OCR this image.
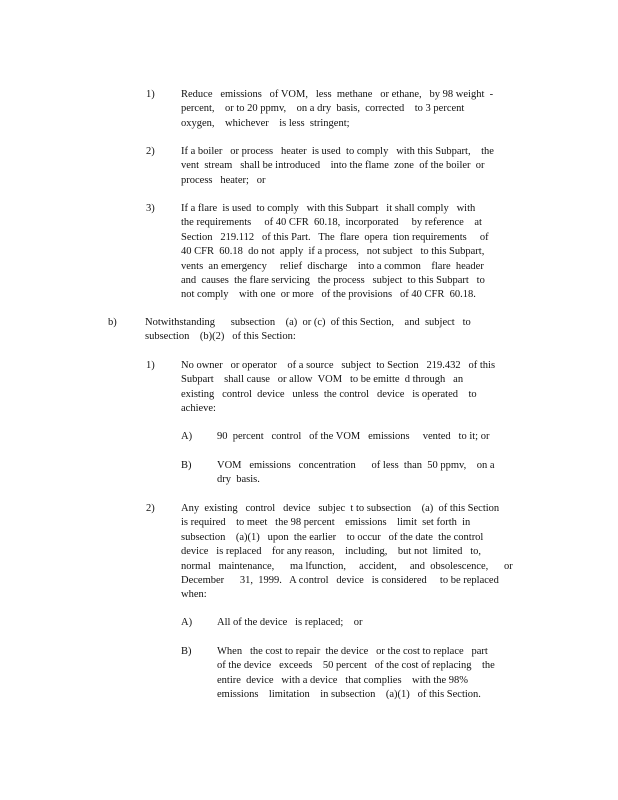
1)	Reduce   emissions   of VOM,   less  methane   or ethane,   by 98 weight  -
percent,    or to 20 ppmv,    on a dry  basis,  corrected    to 3 percent
oxygen,    whichever    is less  stringent;
2)	If a boiler   or process   heater  is used  to comply   with this Subpart,    the
vent  stream   shall be introduced    into the flame  zone  of the boiler  or
process   heater;   or
3)	If a flare  is used  to comply   with this Subpart   it shall comply   with
the requirements     of 40 CFR  60.18,  incorporated     by reference    at
Section   219.112   of this Part.   The  flare  opera  tion requirements     of
40 CFR  60.18  do not  apply  if a process,   not subject   to this Subpart,
vents  an emergency     relief  discharge    into a common    flare  header
and  causes  the flare servicing   the process   subject  to this Subpart   to
not comply    with one  or more   of the provisions   of 40 CFR  60.18.
b)	Notwithstanding      subsection    (a)  or (c)  of this Section,    and  subject   to
subsection    (b)(2)   of this Section:
1)	No owner   or operator    of a source   subject  to Section   219.432   of this
Subpart    shall cause   or allow  VOM   to be emitte  d through   an
existing   control  device   unless  the control   device   is operated    to
achieve:
A) 90  percent   control   of the VOM   emissions     vented   to it; or
B) VOM   emissions   concentration      of less  than  50 ppmv,    on a
dry  basis.
2)	Any  existing   control   device   subjec  t to subsection    (a)  of this Section
is required    to meet   the 98 percent    emissions    limit  set forth  in
subsection    (a)(1)   upon  the earlier    to occur   of the date  the control
device   is replaced    for any reason,    including,    but not  limited   to,
normal   maintenance,      ma lfunction,     accident,     and  obsolescence,      or
December      31,  1999.   A control   device   is considered     to be replaced
when:
A) All of the device   is replaced;    or
B) When   the cost to repair  the device   or the cost to replace   part
of the device   exceeds    50 percent   of the cost of replacing    the
entire  device   with a device   that complies    with the 98%
emissions    limitation    in subsection    (a)(1)   of this Section.
